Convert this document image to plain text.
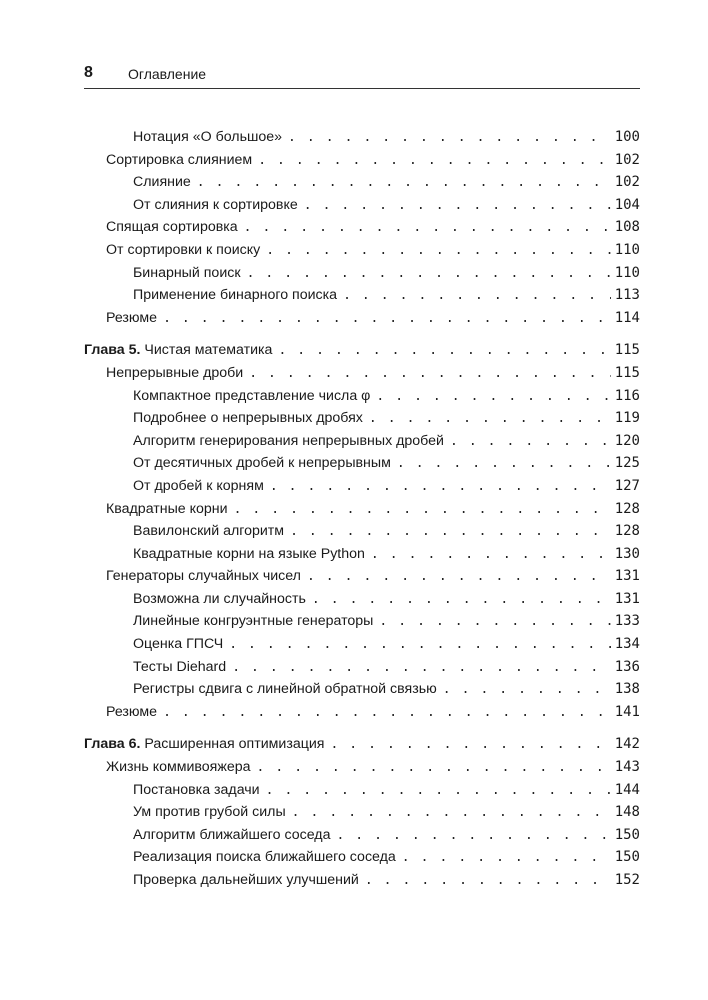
8	Оглавление
Нотация «О большое» . . .	100
Сортировка слиянием . . .	102
Слияние . . .	102
От слияния к сортировке . . .	104
Спящая сортировка . . .	108
От сортировки к поиску . . .	110
Бинарный поиск . . .	110
Применение бинарного поиска . . .	113
Резюме . . .	114
Глава 5. Чистая математика . . .	115
Непрерывные дроби . . .	115
Компактное представление числа φ . . .	116
Подробнее о непрерывных дробях . . .	119
Алгоритм генерирования непрерывных дробей . . .	120
От десятичных дробей к непрерывным . . .	125
От дробей к корням . . .	127
Квадратные корни . . .	128
Вавилонский алгоритм . . .	128
Квадратные корни на языке Python . . .	130
Генераторы случайных чисел . . .	131
Возможна ли случайность . . .	131
Линейные конгруэнтные генераторы . . .	133
Оценка ГПСЧ . . .	134
Тесты Diehard . . .	136
Регистры сдвига с линейной обратной связью . . .	138
Резюме . . .	141
Глава 6. Расширенная оптимизация . . .	142
Жизнь коммивояжера . . .	143
Постановка задачи . . .	144
Ум против грубой силы . . .	148
Алгоритм ближайшего соседа . . .	150
Реализация поиска ближайшего соседа . . .	150
Проверка дальнейших улучшений . . .	152
